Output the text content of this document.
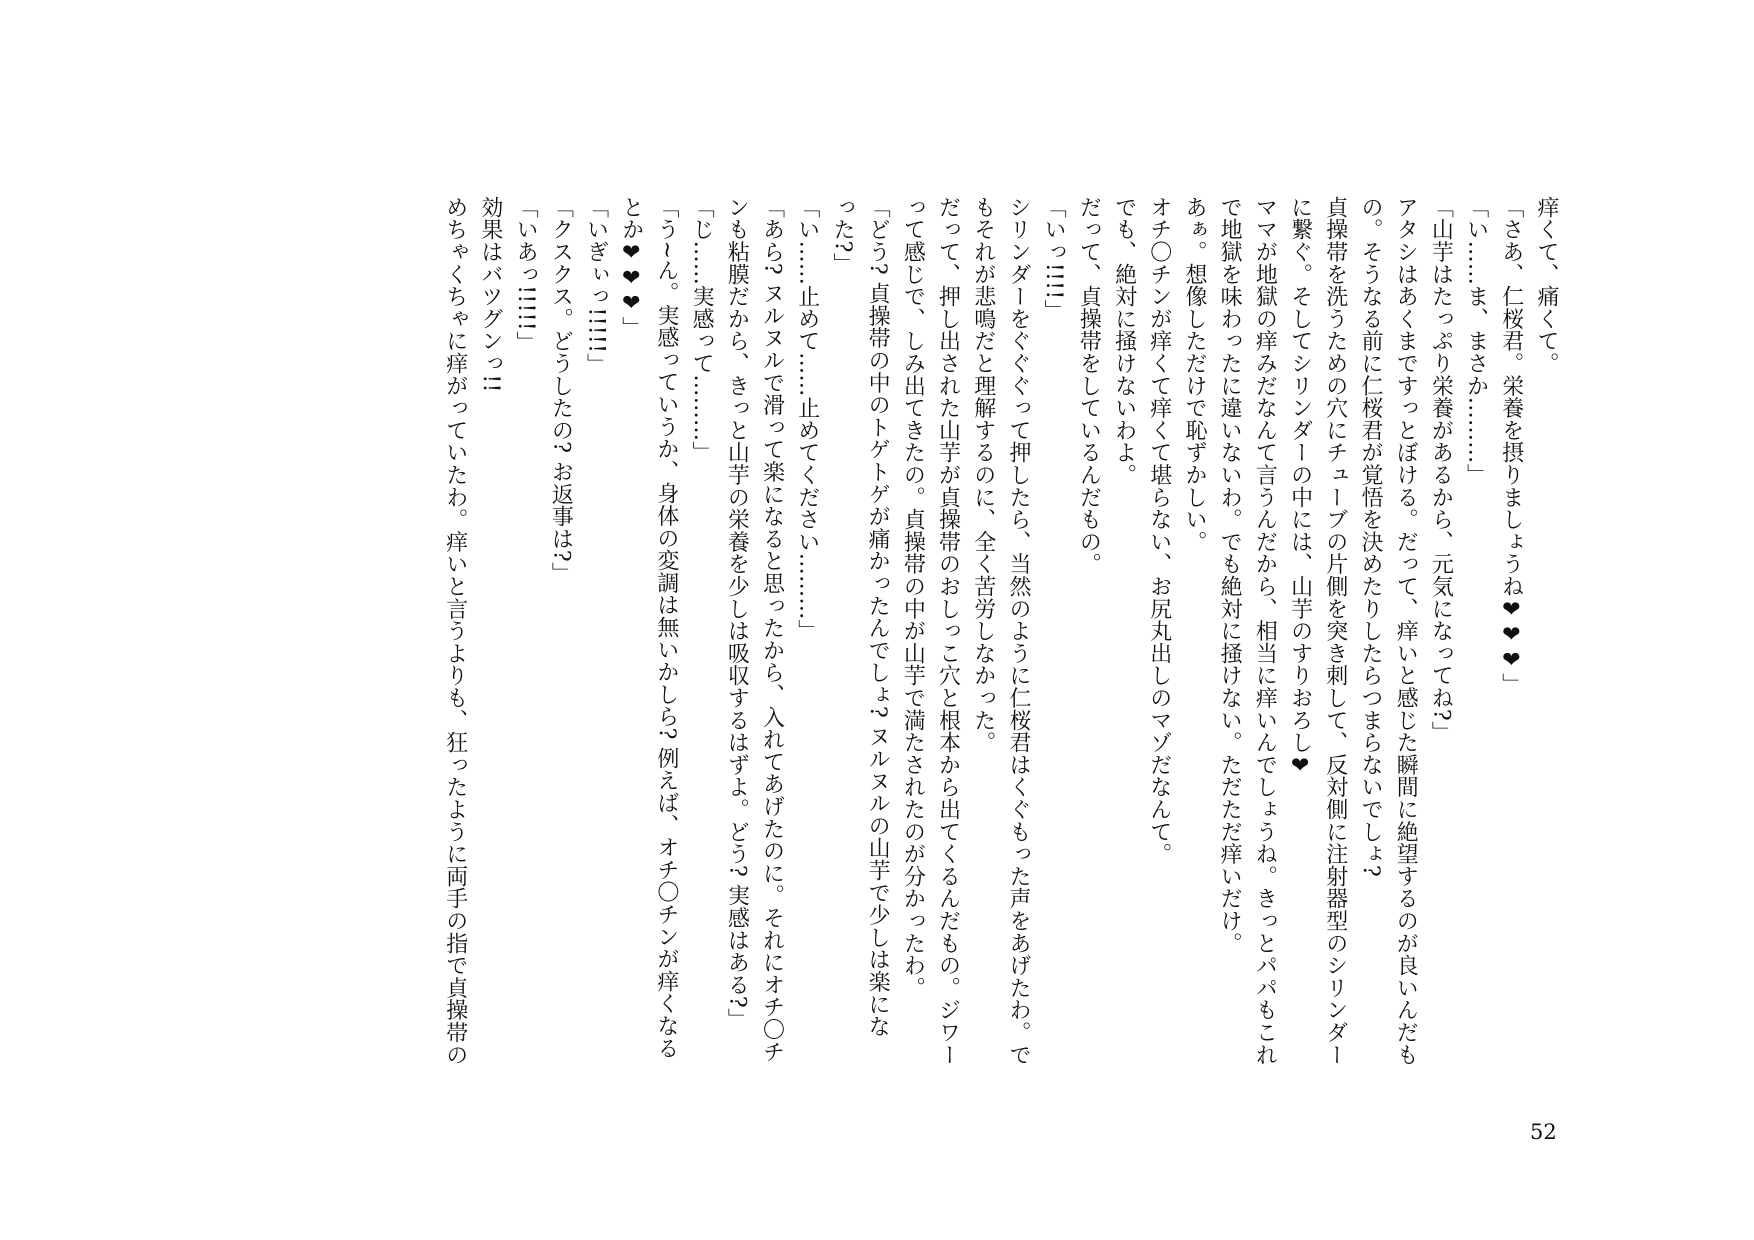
痒くて、痛くて。
「さあ、仁桜君。栄養を摂りましょうね❤❤❤」
「い……ま、まさか………」
「山芋はたっぷり栄養があるから、元気になってね?」
アタシはあくまですっとぼける。だって、痒いと感じた瞬間に絶望するのが良いんだも
の。そうなる前に仁桜君が覚悟を決めたりしたらつまらないでしょ?
貞操帯を洗うための穴にチューブの片側を突き刺して、反対側に注射器型のシリンダー
に繋ぐ。そしてシリンダーの中には、山芋のすりおろし❤
ママが地獄の痒みだなんて言うんだから、相当に痒いんでしょうね。きっとパパもこれ
で地獄を味わったに違いないわ。でも絶対に掻けない。ただただ痒いだけ。
あぁ。想像しただけで恥ずかしい。
オチ〇チンが痒くて痒くて堪らない、お尻丸出しのマゾだなんて。
でも、絶対に掻けないわよ。
だって、貞操帯をしているんだもの。
「いっ!!!!」
シリンダーをぐぐぐって押したら、当然のように仁桜君はくぐもった声をあげたわ。で
もそれが悲鳴だと理解するのに、全く苦労しなかった。
だって、押し出された山芋が貞操帯のおしっこ穴と根本から出てくるんだもの。ジワー
って感じで、しみ出てきたの。貞操帯の中が山芋で満たされたのが分かったわ。
「どう? 貞操帯の中のトゲトゲが痛かったんでしょ? ヌルヌルの山芋で少しは楽にな
った?」
「い……止めて……止めてください………」
「あら? ヌルヌルで滑って楽になると思ったから、入れてあげたのに。それにオチ〇チ
ンも粘膜だから、きっと山芋の栄養を少しは吸収するはずよ。どう? 実感はある?」
「じ……実感って………」
「う~ん。実感っていうか、身体の変調は無いかしら? 例えば、オチ〇チンが痒くなる
とか❤❤❤」
「いぎぃっ!!!!!」
「クスクス。どうしたの? お返事は?」
「いあっ!!!!!」
効果はバツグンっ!!
めちゃくちゃに痒がっていたわ。痒いと言うよりも、狂ったように両手の指で貞操帯の
52
